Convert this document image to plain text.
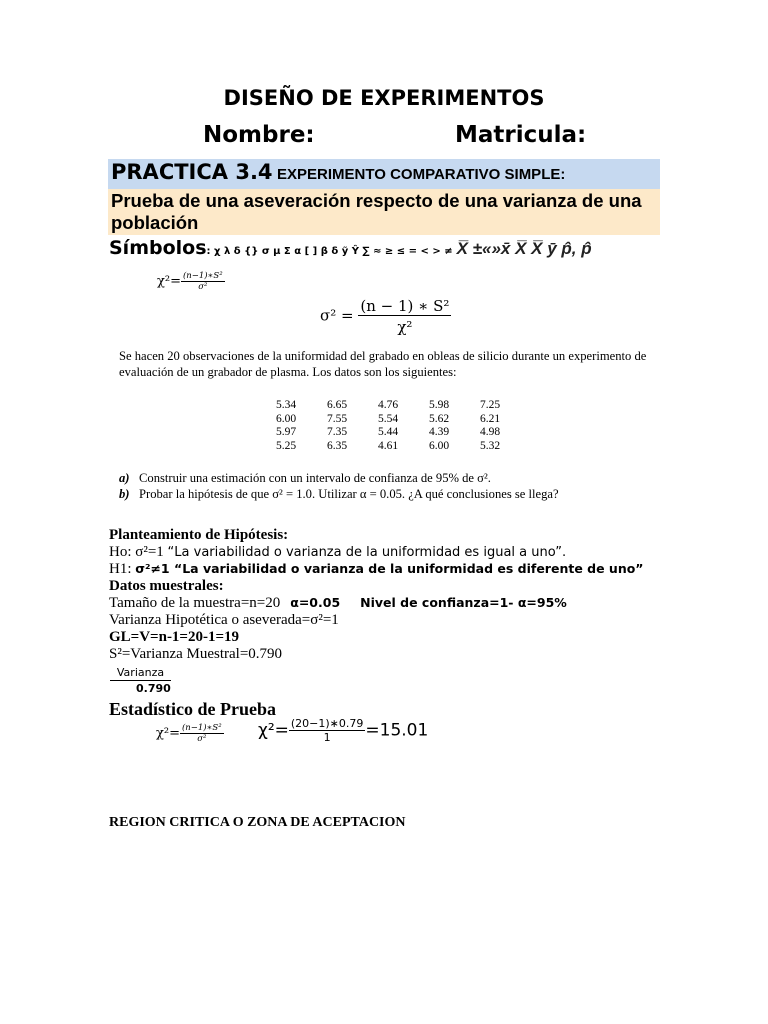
DISEÑO DE EXPERIMENTOS
Nombre:	Matricula:
PRACTICA 3.4 EXPERIMENTO COMPARATIVO SIMPLE:
Prueba de una aseveración respecto de una varianza de una población
Símbolos: χ λ δ {} σ μ Σ α [ ] β δ ỹ Ŷ ∑ ≈ ≥ ≤ = < > ≠ X̅ ±«»x̄ X̅ X̅ ȳ p̂, p̂
$\chi^2= \frac{\text{(n−1)∗S²}}{\text{σ²}}$
$\sigma^2 = \frac{\text{(n − 1) ∗ S²}}{\text{χ²}}$
Se hacen 20 observaciones de la uniformidad del grabado en obleas de silicio durante un experimento de evaluación de un grabador de plasma. Los datos son los siguientes:
5.34	6.65	4.76	5.98	7.25
6.00	7.55	5.54	5.62	6.21
5.97	7.35	5.44	4.39	4.98
5.25	6.35	4.61	6.00	5.32
a) Construir una estimación con un intervalo de confianza de 95% de σ².
b) Probar la hipótesis de que σ² = 1.0. Utilizar α = 0.05. ¿A qué conclusiones se llega?
Planteamiento de Hipótesis:
Ho: σ²=1 “La variabilidad o varianza de la uniformidad es igual a uno”.
H1: σ²≠1 “La variabilidad o varianza de la uniformidad es diferente de uno”
Datos muestrales:
Tamaño de la muestra=n=20 α=0.05 Nivel de confianza=1- α=95%
Varianza Hipotética o aseverada=σ²=1
GL=V=n-1=20-1=19
S²=Varianza Muestral=0.790
Varianza
0.790
Estadístico de Prueba
$\chi^2= \frac{\text{(n−1)∗S²}}{\text{σ²}} \chi^2= \frac{(20-1)∗0.79}{1} =15.01$
REGION CRITICA O ZONA DE ACEPTACION
